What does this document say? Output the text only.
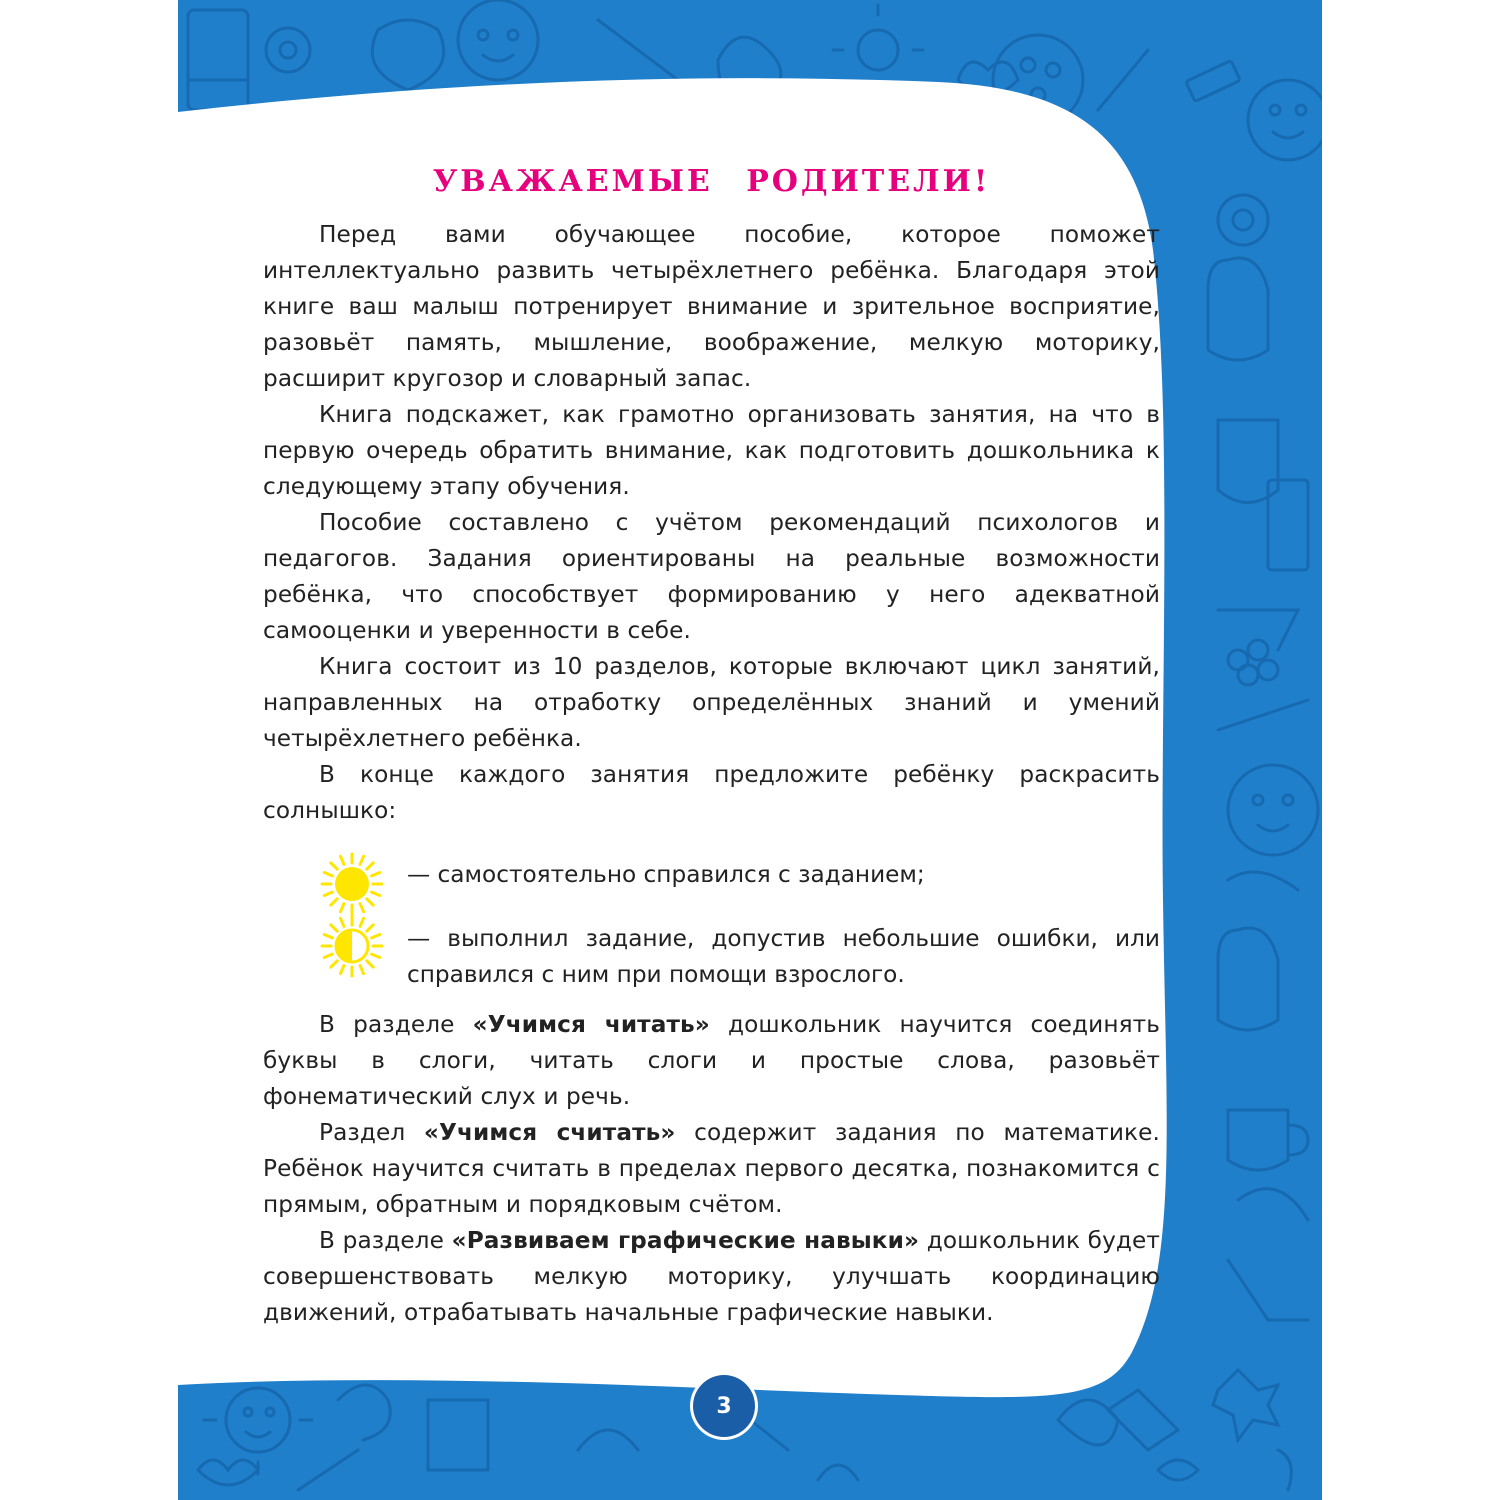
УВАЖАЕМЫЕ РОДИТЕЛИ!

Перед вами обучающее пособие, которое поможет интеллектуально развить четырёхлетнего ребёнка. Благодаря этой книге ваш малыш потренирует внимание и зрительное восприятие, разовьёт память, мышление, воображение, мелкую моторику, расширит кругозор и словарный запас.

Книга подскажет, как грамотно организовать занятия, на что в первую очередь обратить внимание, как подготовить дошкольника к следующему этапу обучения.

Пособие составлено с учётом рекомендаций психологов и педагогов. Задания ориентированы на реальные возможности ребёнка, что способствует формированию у него адекватной самооценки и уверенности в себе.

Книга состоит из 10 разделов, которые включают цикл занятий, направленных на отработку определённых знаний и умений четырёхлетнего ребёнка.

В конце каждого занятия предложите ребёнку раскрасить солнышко:

— самостоятельно справился с заданием;
— выполнил задание, допустив небольшие ошибки, или справился с ним при помощи взрослого.

В разделе «Учимся читать» дошкольник научится соединять буквы в слоги, читать слоги и простые слова, разовьёт фонематический слух и речь.

Раздел «Учимся считать» содержит задания по математике. Ребёнок научится считать в пределах первого десятка, познакомится с прямым, обратным и порядковым счётом.

В разделе «Развиваем графические навыки» дошкольник будет совершенствовать мелкую моторику, улучшать координацию движений, отрабатывать начальные графические навыки.

3
